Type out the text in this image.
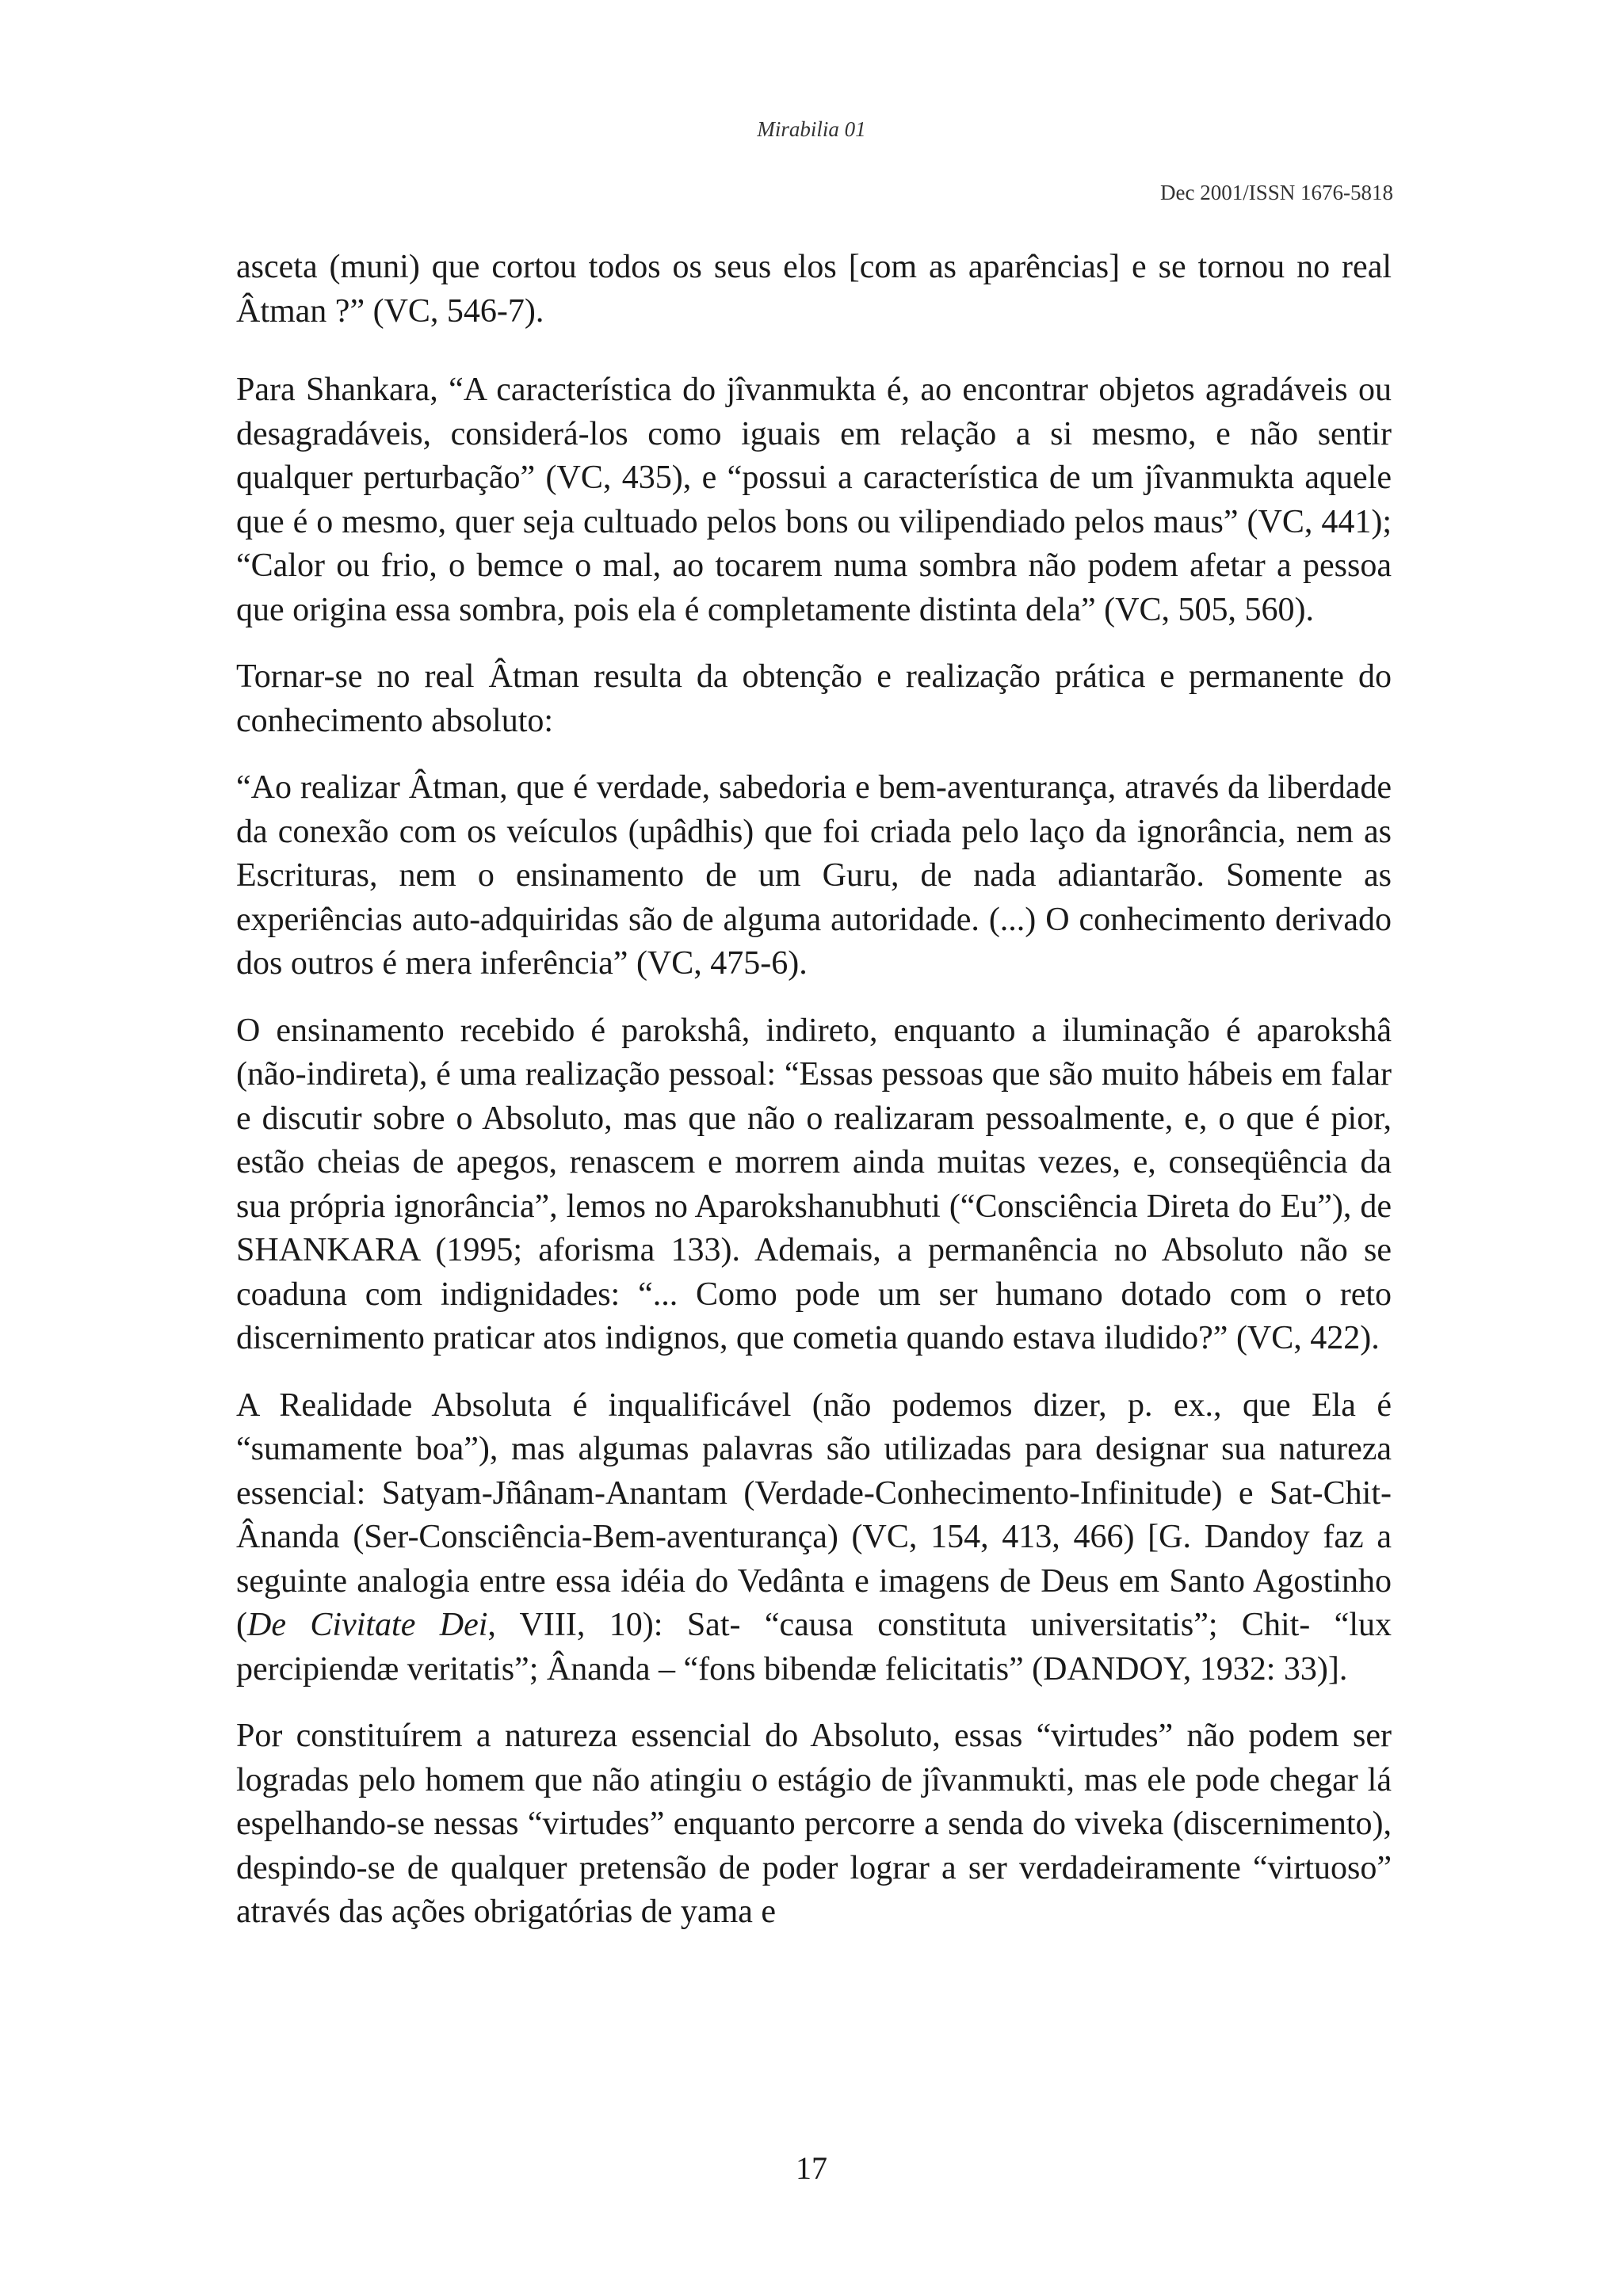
Mirabilia 01
Dec 2001/ISSN 1676-5818

asceta (muni) que cortou todos os seus elos [com as aparências] e se tornou no real Âtman ?” (VC, 546-7).

Para Shankara, “A característica do jîvanmukta é, ao encontrar objetos agradáveis ou desagradáveis, considerá-los como iguais em relação a si mesmo, e não sentir qualquer perturbação” (VC, 435), e “possui a característica de um jîvanmukta aquele que é o mesmo, quer seja cultuado pelos bons ou vilipendiado pelos maus” (VC, 441); “Calor ou frio, o bemce o mal, ao tocarem numa sombra não podem afetar a pessoa que origina essa sombra, pois ela é completamente distinta dela” (VC, 505, 560).

Tornar-se no real Âtman resulta da obtenção e realização prática e permanente do conhecimento absoluto:

“Ao realizar Âtman, que é verdade, sabedoria e bem-aventurança, através da liberdade da conexão com os veículos (upâdhis) que foi criada pelo laço da ignorância, nem as Escrituras, nem o ensinamento de um Guru, de nada adiantarão. Somente as experiências auto-adquiridas são de alguma autoridade. (...) O conhecimento derivado dos outros é mera inferência” (VC, 475-6).

O ensinamento recebido é parokshâ, indireto, enquanto a iluminação é aparokshâ (não-indireta), é uma realização pessoal: “Essas pessoas que são muito hábeis em falar e discutir sobre o Absoluto, mas que não o realizaram pessoalmente, e, o que é pior, estão cheias de apegos, renascem e morrem ainda muitas vezes, e, conseqüência da sua própria ignorância”, lemos no Aparokshanubhuti (“Consciência Direta do Eu”), de SHANKARA (1995; aforisma 133). Ademais, a permanência no Absoluto não se coaduna com indignidades: “... Como pode um ser humano dotado com o reto discernimento praticar atos indignos, que cometia quando estava iludido?” (VC, 422).

A Realidade Absoluta é inqualificável (não podemos dizer, p. ex., que Ela é “sumamente boa”), mas algumas palavras são utilizadas para designar sua natureza essencial: Satyam-Jñânam-Anantam (Verdade-Conhecimento-Infinitude) e Sat-Chit-Ânanda (Ser-Consciência-Bem-aventurança) (VC, 154, 413, 466) [G. Dandoy faz a seguinte analogia entre essa idéia do Vedânta e imagens de Deus em Santo Agostinho (De Civitate Dei, VIII, 10): Sat- “causa constituta universitatis”; Chit- “lux percipiendæ veritatis”; Ânanda – “fons bibendæ felicitatis” (DANDOY, 1932: 33)].

Por constituírem a natureza essencial do Absoluto, essas “virtudes” não podem ser logradas pelo homem que não atingiu o estágio de jîvanmukti, mas ele pode chegar lá espelhando-se nessas “virtudes” enquanto percorre a senda do viveka (discernimento), despindo-se de qualquer pretensão de poder lograr a ser verdadeiramente “virtuoso” através das ações obrigatórias de yama e

17
